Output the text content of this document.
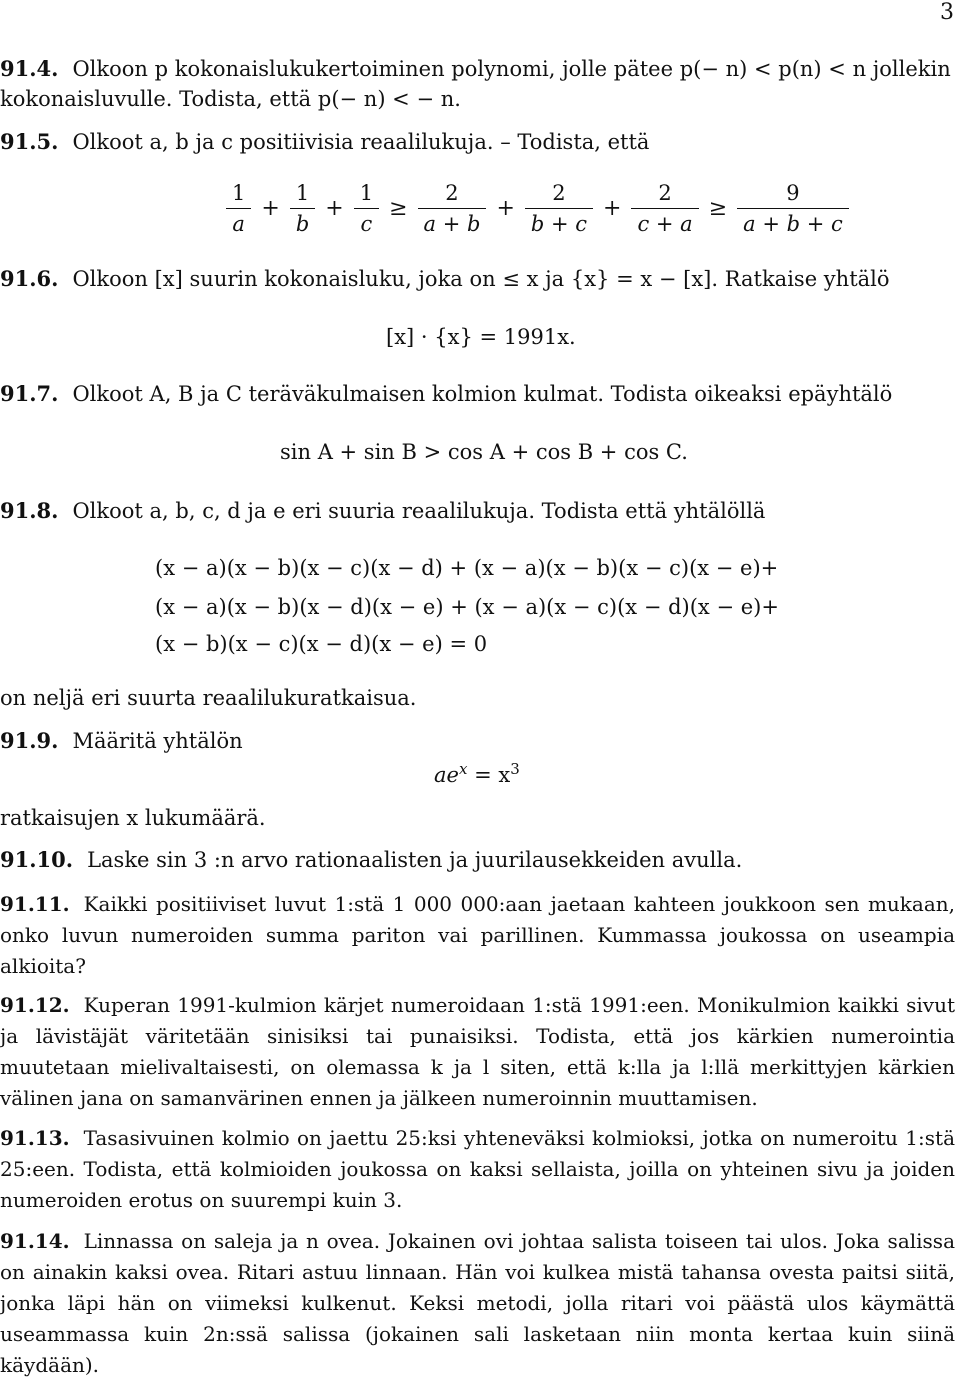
3
91.4. Olkoon p kokonaislukukertoiminen polynomi, jolle pätee p(− n) < p(n) < n jollekin
kokonaisluvulle. Todista, että p(− n) < − n.
91.5. Olkoot a, b ja c positiivisia reaalilukuja. – Todista, että
$\frac{1}{a} + \frac{1}{b} + \frac{1}{c} \ge \frac{2}{a + b} + \frac{2}{b + c} + \frac{2}{c + a} \ge \frac{9}{a + b + c}$
91.6. Olkoon [x] suurin kokonaisluku, joka on ≤ x ja {x} = x − [x]. Ratkaise yhtälö
[x] · {x} = 1991x.
91.7. Olkoot A, B ja C teräväkulmaisen kolmion kulmat. Todista oikeaksi epäyhtälö
sin A + sin B > cos A + cos B + cos C.
91.8. Olkoot a, b, c, d ja e eri suuria reaalilukuja. Todista että yhtälöllä
(x − a)(x − b)(x − c)(x − d) + (x − a)(x − b)(x − c)(x − e)+
(x − a)(x − b)(x − d)(x − e) + (x − a)(x − c)(x − d)(x − e)+
(x − b)(x − c)(x − d)(x − e) = 0
on neljä eri suurta reaalilukuratkaisua.
91.9. Määritä yhtälön
$ae^x = x^3$
ratkaisujen x lukumäärä.
91.10. Laske sin 3 :n arvo rationaalisten ja juurilausekkeiden avulla.
91.11. Kaikki positiiviset luvut 1:stä 1 000 000:aan jaetaan kahteen joukkoon sen mukaan, onko luvun numeroiden summa pariton vai parillinen. Kummassa joukossa on useampia alkioita?
91.12. Kuperan 1991-kulmion kärjet numeroidaan 1:stä 1991:een. Monikulmion kaikki sivut ja lävistäjät väritetään sinisiksi tai punaisiksi. Todista, että jos kärkien numerointia muutetaan mielivaltaisesti, on olemassa k ja l siten, että k:lla ja l:llä merkittyjen kärkien välinen jana on samanvärinen ennen ja jälkeen numeroinnin muuttamisen.
91.13. Tasasivuinen kolmio on jaettu 25:ksi yhteneväksi kolmioksi, jotka on numeroitu 1:stä 25:een. Todista, että kolmioiden joukossa on kaksi sellaista, joilla on yhteinen sivu ja joiden numeroiden erotus on suurempi kuin 3.
91.14. Linnassa on saleja ja n ovea. Jokainen ovi johtaa salista toiseen tai ulos. Joka salissa on ainakin kaksi ovea. Ritari astuu linnaan. Hän voi kulkea mistä tahansa ovesta paitsi siitä, jonka läpi hän on viimeksi kulkenut. Keksi metodi, jolla ritari voi päästä ulos käymättä useammassa kuin 2n:ssä salissa (jokainen sali lasketaan niin monta kertaa kuin siinä käydään).
